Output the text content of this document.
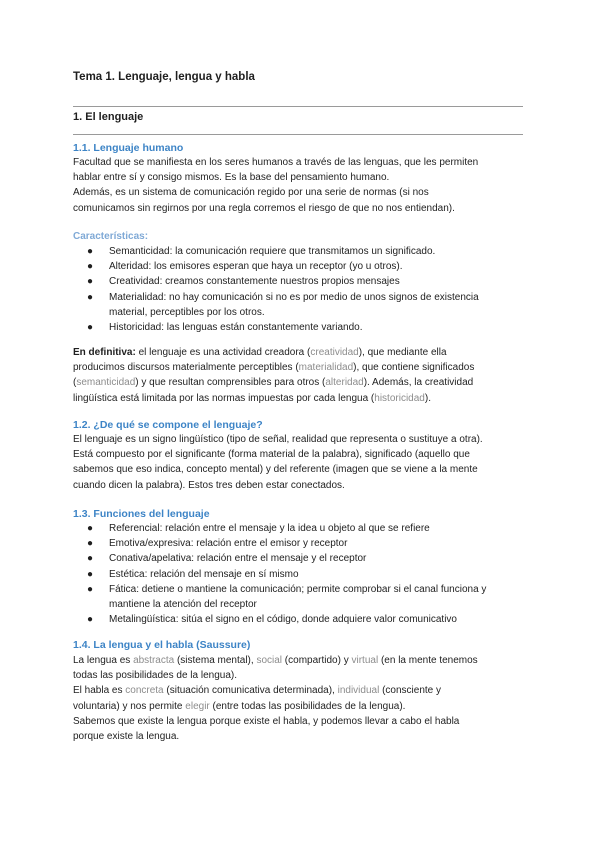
Tema 1. Lenguaje, lengua y habla
1. El lenguaje
1.1. Lenguaje humano
Facultad que se manifiesta en los seres humanos a través de las lenguas, que les permiten
hablar entre sí y consigo mismos. Es la base del pensamiento humano.
Además, es un sistema de comunicación regido por una serie de normas (si nos
comunicamos sin regirnos por una regla corremos el riesgo de que no nos entiendan).
Características:
● Semanticidad: la comunicación requiere que transmitamos un significado.
● Alteridad: los emisores esperan que haya un receptor (yo u otros).
● Creatividad: creamos constantemente nuestros propios mensajes
● Materialidad: no hay comunicación si no es por medio de unos signos de existencia
material, perceptibles por los otros.
● Historicidad: las lenguas están constantemente variando.
En definitiva: el lenguaje es una actividad creadora (creatividad), que mediante ella
producimos discursos materialmente perceptibles (materialidad), que contiene significados
(semanticidad) y que resultan comprensibles para otros (alteridad). Además, la creatividad
lingüística está limitada por las normas impuestas por cada lengua (historicidad).
1.2. ¿De qué se compone el lenguaje?
El lenguaje es un signo lingüístico (tipo de señal, realidad que representa o sustituye a otra).
Está compuesto por el significante (forma material de la palabra), significado (aquello que
sabemos que eso indica, concepto mental) y del referente (imagen que se viene a la mente
cuando dicen la palabra). Estos tres deben estar conectados.
1.3. Funciones del lenguaje
● Referencial: relación entre el mensaje y la idea u objeto al que se refiere
● Emotiva/expresiva: relación entre el emisor y receptor
● Conativa/apelativa: relación entre el mensaje y el receptor
● Estética: relación del mensaje en sí mismo
● Fática: detiene o mantiene la comunicación; permite comprobar si el canal funciona y
mantiene la atención del receptor
● Metalingüística: sitúa el signo en el código, donde adquiere valor comunicativo
1.4. La lengua y el habla (Saussure)
La lengua es abstracta (sistema mental), social (compartido) y virtual (en la mente tenemos
todas las posibilidades de la lengua).
El habla es concreta (situación comunicativa determinada), individual (consciente y
voluntaria) y nos permite elegir (entre todas las posibilidades de la lengua).
Sabemos que existe la lengua porque existe el habla, y podemos llevar a cabo el habla
porque existe la lengua.
